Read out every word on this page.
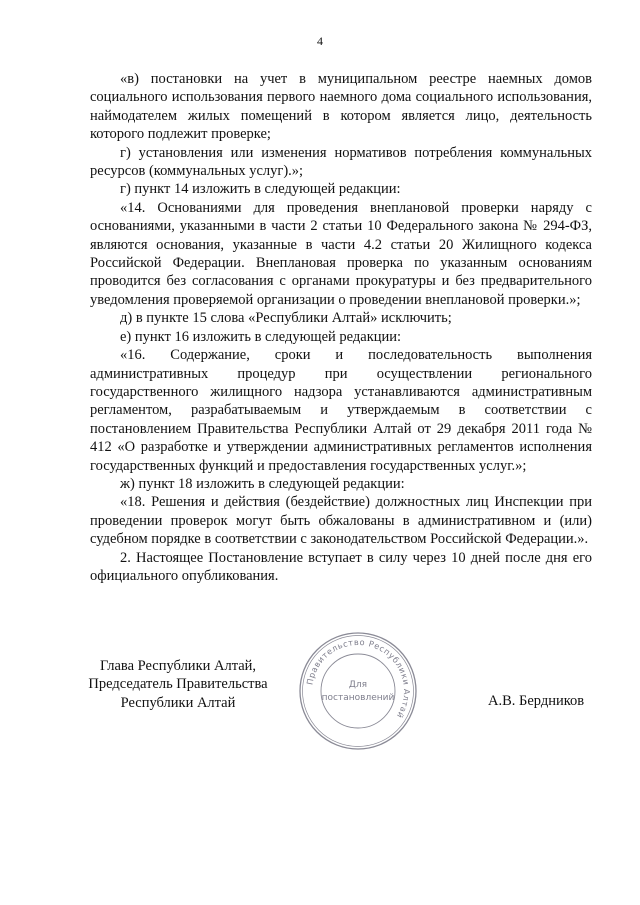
4

«в) постановки на учет в муниципальном реестре наемных домов социального использования первого наемного дома социального использования, наймодателем жилых помещений в котором является лицо, деятельность которого подлежит проверке;

г) установления или изменения нормативов потребления коммунальных ресурсов (коммунальных услуг).»;

г) пункт 14 изложить в следующей редакции:

«14. Основаниями для проведения внеплановой проверки наряду с основаниями, указанными в части 2 статьи 10 Федерального закона № 294-ФЗ, являются основания, указанные в части 4.2 статьи 20 Жилищного кодекса Российской Федерации. Внеплановая проверка по указанным основаниям проводится без согласования с органами прокуратуры и без предварительного уведомления проверяемой организации о проведении внеплановой проверки.»;

д) в пункте 15 слова «Республики Алтай» исключить;

е) пункт 16 изложить в следующей редакции:

«16. Содержание, сроки и последовательность выполнения административных процедур при осуществлении регионального государственного жилищного надзора устанавливаются административным регламентом, разрабатываемым и утверждаемым в соответствии с постановлением Правительства Республики Алтай от 29 декабря 2011 года № 412 «О разработке и утверждении административных регламентов исполнения государственных функций и предоставления государственных услуг.»;

ж) пункт 18 изложить в следующей редакции:

«18. Решения и действия (бездействие) должностных лиц Инспекции при проведении проверок могут быть обжалованы в административном и (или) судебном порядке в соответствии с законодательством Российской Федерации.».

2. Настоящее Постановление вступает в силу через 10 дней после дня его официального опубликования.

Глава Республики Алтай,
Председатель Правительства
Республики Алтай
Правительство Республики Алтай
Для
постановлений	А.В. Бердников
